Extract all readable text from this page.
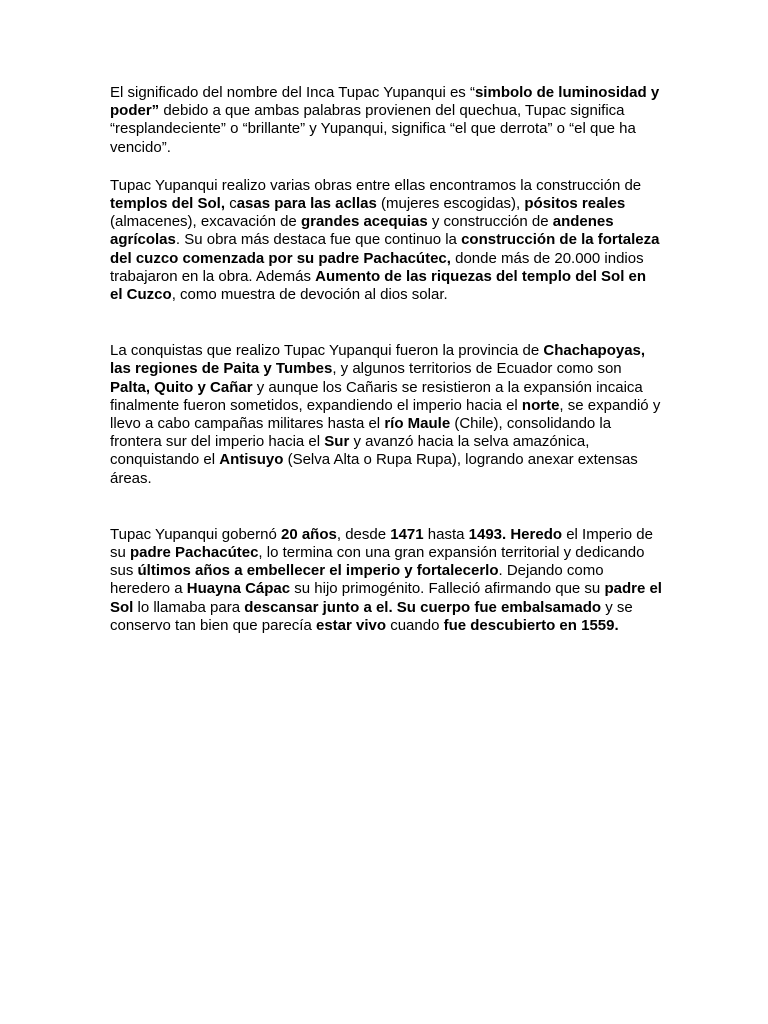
El significado del nombre del Inca Tupac Yupanqui es “simbolo de luminosidad y poder” debido a que ambas palabras provienen del quechua, Tupac significa “resplandeciente” o “brillante” y Yupanqui, significa “el que derrota” o “el que ha vencido”.

Tupac Yupanqui realizo varias obras entre ellas encontramos la construcción de templos del Sol, casas para las acllas (mujeres escogidas), pósitos reales (almacenes), excavación de grandes acequias y construcción de andenes agrícolas. Su obra más destaca fue que continuo la construcción de la fortaleza del cuzco comenzada por su padre Pachacútec, donde más de 20.000 indios trabajaron en la obra. Además Aumento de las riquezas del templo del Sol en el Cuzco, como muestra de devoción al dios solar.

La conquistas que realizo Tupac Yupanqui fueron la provincia de Chachapoyas, las regiones de Paita y Tumbes, y algunos territorios de Ecuador como son Palta, Quito y Cañar y aunque los Cañaris se resistieron a la expansión incaica finalmente fueron sometidos, expandiendo el imperio hacia el norte, se expandió y llevo a cabo campañas militares hasta el río Maule (Chile), consolidando la frontera sur del imperio hacia el Sur y avanzó hacia la selva amazónica, conquistando el Antisuyo (Selva Alta o Rupa Rupa), logrando anexar extensas áreas.

Tupac Yupanqui gobernó 20 años, desde 1471 hasta 1493. Heredo el Imperio de su padre Pachacútec, lo termina con una gran expansión territorial y dedicando sus últimos años a embellecer el imperio y fortalecerlo. Dejando como heredero a Huayna Cápac su hijo primogénito. Falleció afirmando que su padre el Sol lo llamaba para descansar junto a el. Su cuerpo fue embalsamado y se conservo tan bien que parecía estar vivo cuando fue descubierto en 1559.
